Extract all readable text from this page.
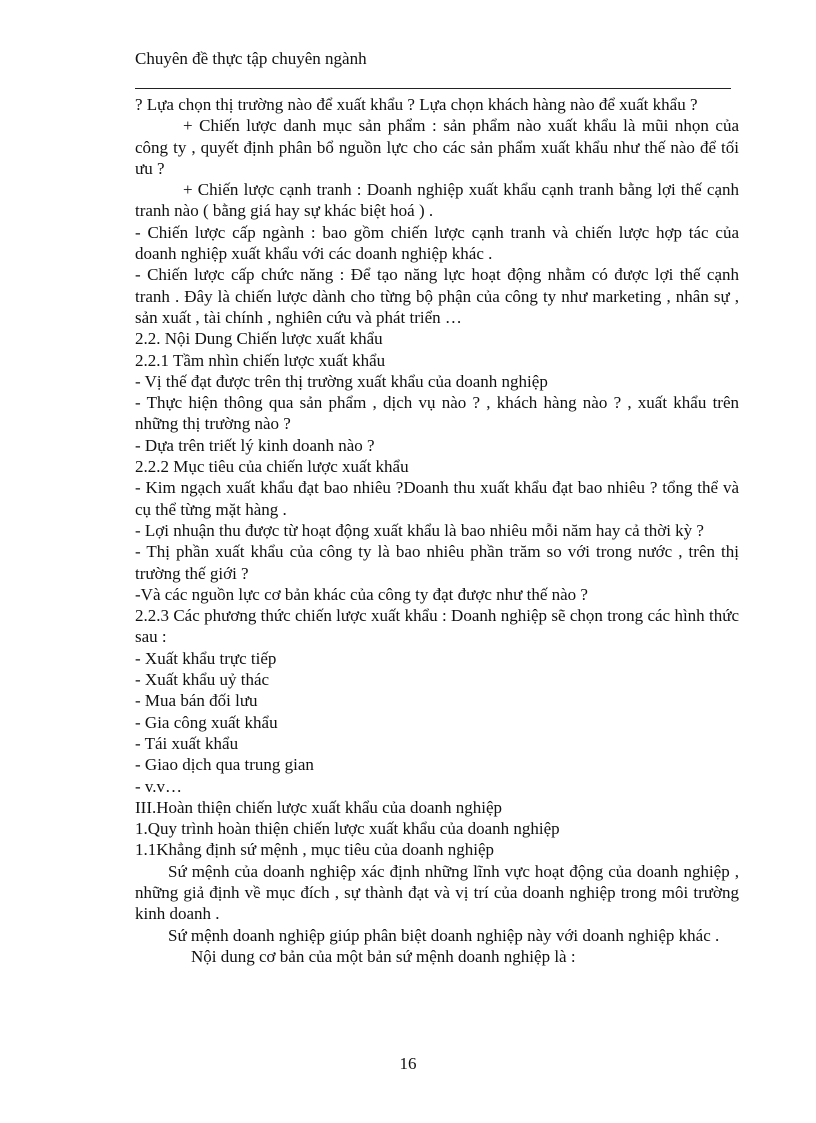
Chuyên đề thực tập chuyên ngành

? Lựa chọn thị trường nào để xuất khẩu ? Lựa chọn khách hàng nào để xuất khẩu ?

+ Chiến lược danh mục sản phẩm : sản phẩm nào xuất khẩu là mũi nhọn của công ty , quyết định phân bổ nguồn lực cho các sản phẩm xuất khẩu như thế nào để tối ưu ?

+ Chiến lược cạnh tranh : Doanh nghiệp xuất khẩu cạnh tranh bằng lợi thế cạnh tranh nào ( bằng giá hay sự khác biệt hoá ) .

- Chiến lược cấp ngành : bao gồm chiến lược cạnh tranh và chiến lược hợp tác của doanh nghiệp xuất khẩu với các doanh nghiệp khác .

- Chiến lược cấp chức năng : Để tạo năng lực hoạt động nhằm có được lợi thế cạnh tranh . Đây là chiến lược dành cho từng bộ phận của công ty như marketing , nhân sự , sản xuất , tài chính , nghiên cứu và phát triển …

2.2. Nội Dung Chiến lược xuất khẩu

2.2.1 Tầm nhìn chiến lược xuất khẩu

- Vị thế đạt được trên thị trường xuất khẩu của doanh nghiệp

- Thực hiện thông qua sản phẩm , dịch vụ nào ? , khách hàng nào ? , xuất khẩu trên những thị trường nào ?

- Dựa trên triết lý kinh doanh nào ?

2.2.2 Mục tiêu của chiến lược xuất khẩu

- Kim ngạch xuất khẩu đạt bao nhiêu ?Doanh thu xuất khẩu đạt bao nhiêu ? tổng thể và cụ thể từng mặt hàng .

- Lợi nhuận thu được từ hoạt động xuất khẩu là bao nhiêu mỗi năm hay cả thời kỳ ?

- Thị phần xuất khẩu của công ty là bao nhiêu phần trăm so với trong nước , trên thị trường thế giới ?

-Và các nguồn lực cơ bản khác của công ty đạt được như thế nào ?

2.2.3 Các phương thức chiến lược xuất khẩu : Doanh nghiệp sẽ chọn trong các hình thức sau :

- Xuất khẩu trực tiếp

- Xuất khẩu uỷ thác

- Mua bán đối lưu

- Gia công xuất khẩu

- Tái xuất khẩu

- Giao dịch qua trung gian

- v.v…

III.Hoàn thiện chiến lược xuất khẩu của doanh nghiệp

1.Quy trình hoàn thiện chiến lược xuất khẩu của doanh nghiệp

1.1Khẳng định sứ mệnh , mục tiêu của doanh nghiệp

Sứ mệnh của doanh nghiệp xác định những lĩnh vực hoạt động của doanh nghiệp , những giả định về mục đích , sự thành đạt và vị trí của doanh nghiệp trong môi trường kinh doanh .

Sứ mệnh doanh nghiệp giúp phân biệt doanh nghiệp này với doanh nghiệp khác .

Nội dung cơ bản của một bản sứ mệnh doanh nghiệp là :

16
